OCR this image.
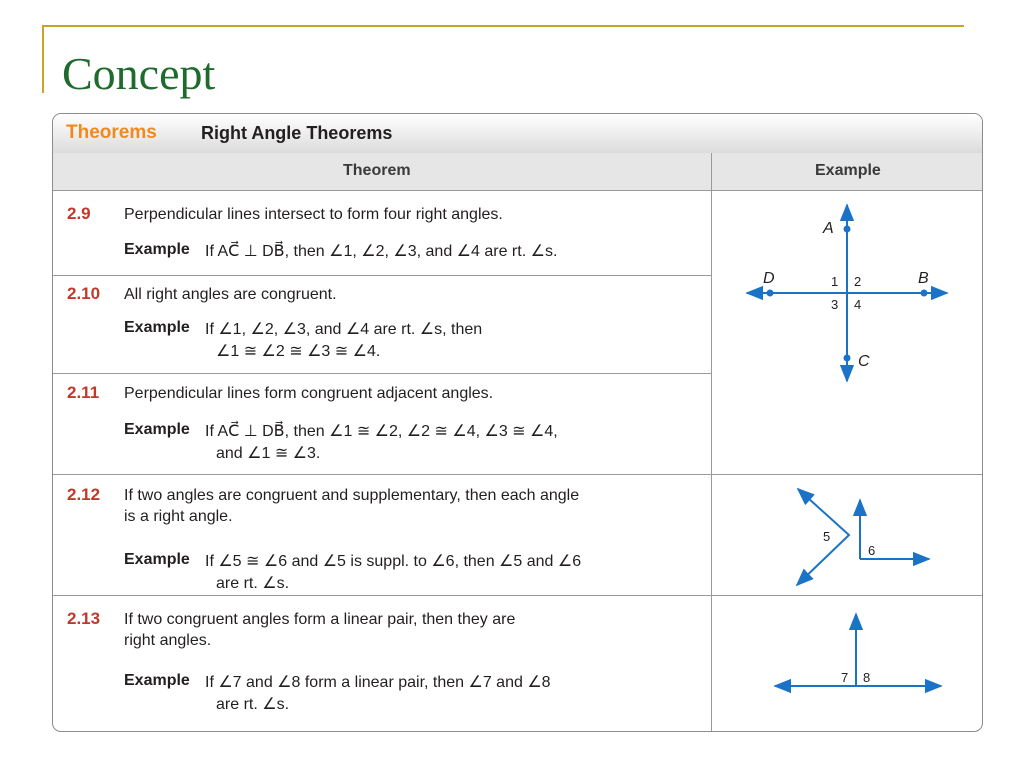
Concept
Theorems Right Angle Theorems
Theorem	Example
2.9 Perpendicular lines intersect to form four right angles.
Example If AC⃗ ⊥ DB⃗, then ∠1, ∠2, ∠3, and ∠4 are rt. ∠s.
2.10 All right angles are congruent.
Example If ∠1, ∠2, ∠3, and ∠4 are rt. ∠s, then
∠1 ≅ ∠2 ≅ ∠3 ≅ ∠4.
2.11 Perpendicular lines form congruent adjacent angles.
Example If AC⃗ ⊥ DB⃗, then ∠1 ≅ ∠2, ∠2 ≅ ∠4, ∠3 ≅ ∠4,
and ∠1 ≅ ∠3.
2.12 If two angles are congruent and supplementary, then each angle
is a right angle.
Example If ∠5 ≅ ∠6 and ∠5 is suppl. to ∠6, then ∠5 and ∠6
are rt. ∠s.
2.13 If two congruent angles form a linear pair, then they are
right angles.
Example If ∠7 and ∠8 form a linear pair, then ∠7 and ∠8
are rt. ∠s.
A
C
D	B
1 2
3 4
5
6
7 8
